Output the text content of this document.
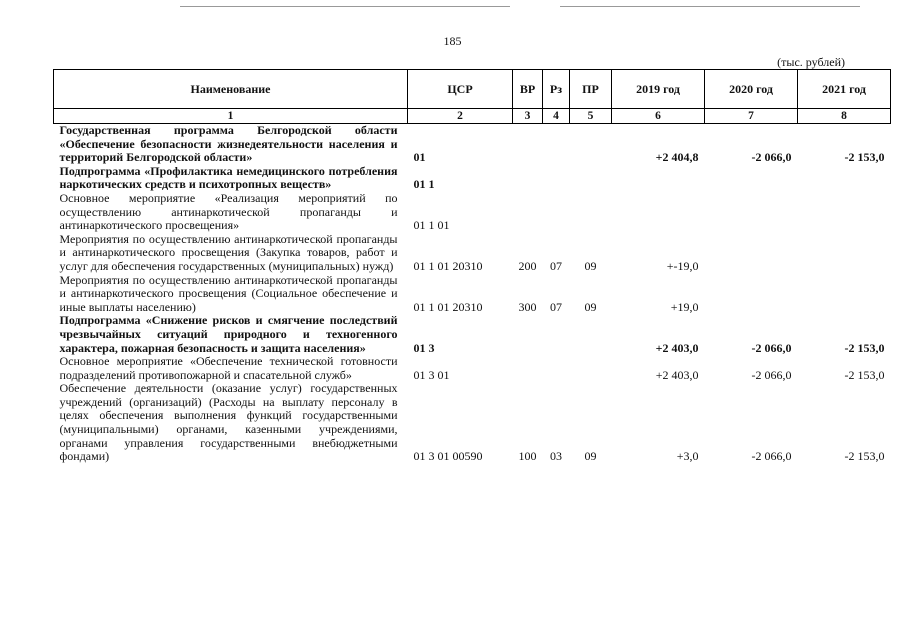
185
(тыс. рублей)
Наименование	ЦСР	ВР	Рз	ПР	2019 год	2020 год	2021 год
1	2	3	4	5	6	7	8
Государственная программа Белгородской области «Обеспечение безопасности жизнедеятельности населения и территорий Белгородской области»	01				+2 404,8	-2 066,0	-2 153,0
Подпрограмма «Профилактика немедицинского потребления наркотических средств и психотропных веществ»	01 1						
Основное мероприятие «Реализация мероприятий по осуществлению антинаркотической пропаганды и антинаркотического просвещения»	01 1 01						
Мероприятия по осуществлению антинаркотической пропаганды и антинаркотического просвещения (Закупка товаров, работ и услуг для обеспечения государственных (муниципальных) нужд)	01 1 01 20310	200	07	09	+-19,0		
Мероприятия по осуществлению антинаркотической пропаганды и антинаркотического просвещения (Социальное обеспечение и иные выплаты населению)	01 1 01 20310	300	07	09	+19,0		
Подпрограмма «Снижение рисков и смягчение последствий чрезвычайных ситуаций природного и техногенного характера, пожарная безопасность и защита населения»	01 3				+2 403,0	-2 066,0	-2 153,0
Основное мероприятие «Обеспечение технической готовности подразделений противопожарной и спасательной служб»	01 3 01				+2 403,0	-2 066,0	-2 153,0
Обеспечение деятельности (оказание услуг) государственных учреждений (организаций) (Расходы на выплату персоналу в целях обеспечения выполнения функций государственными (муниципальными) органами, казенными учреждениями, органами управления государственными внебюджетными фондами)	01 3 01 00590	100	03	09	+3,0	-2 066,0	-2 153,0
